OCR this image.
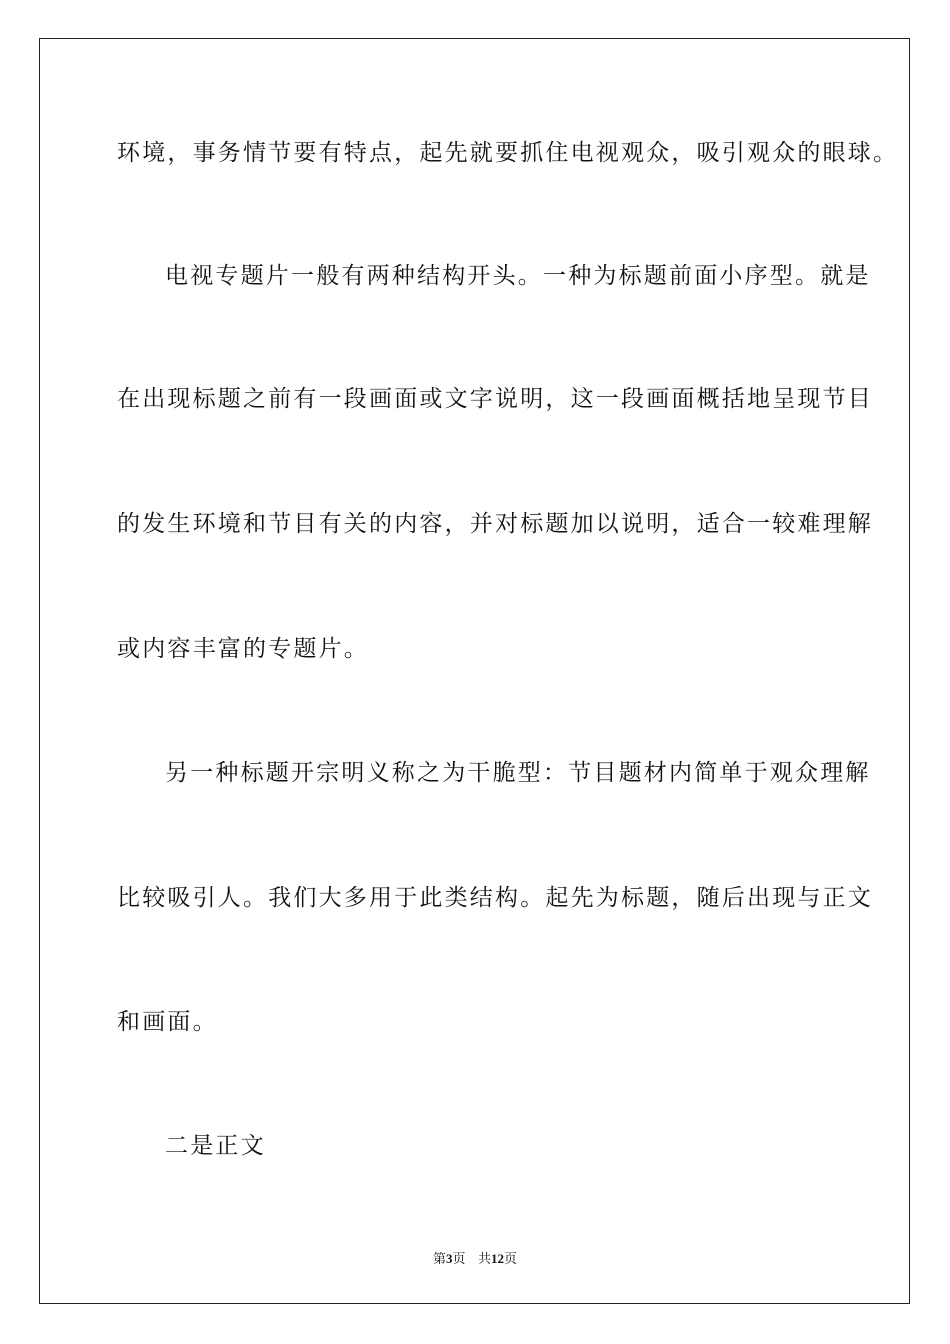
环境，事务情节要有特点，起先就要抓住电视观众，吸引观众的眼球。
电视专题片一般有两种结构开头。一种为标题前面小序型。就是
在出现标题之前有一段画面或文字说明，这一段画面概括地呈现节目
的发生环境和节目有关的内容，并对标题加以说明，适合一较难理解
或内容丰富的专题片。
另一种标题开宗明义称之为干脆型：节目题材内简单于观众理解
比较吸引人。我们大多用于此类结构。起先为标题，随后出现与正文
和画面。
二是正文
第3页 共12页
